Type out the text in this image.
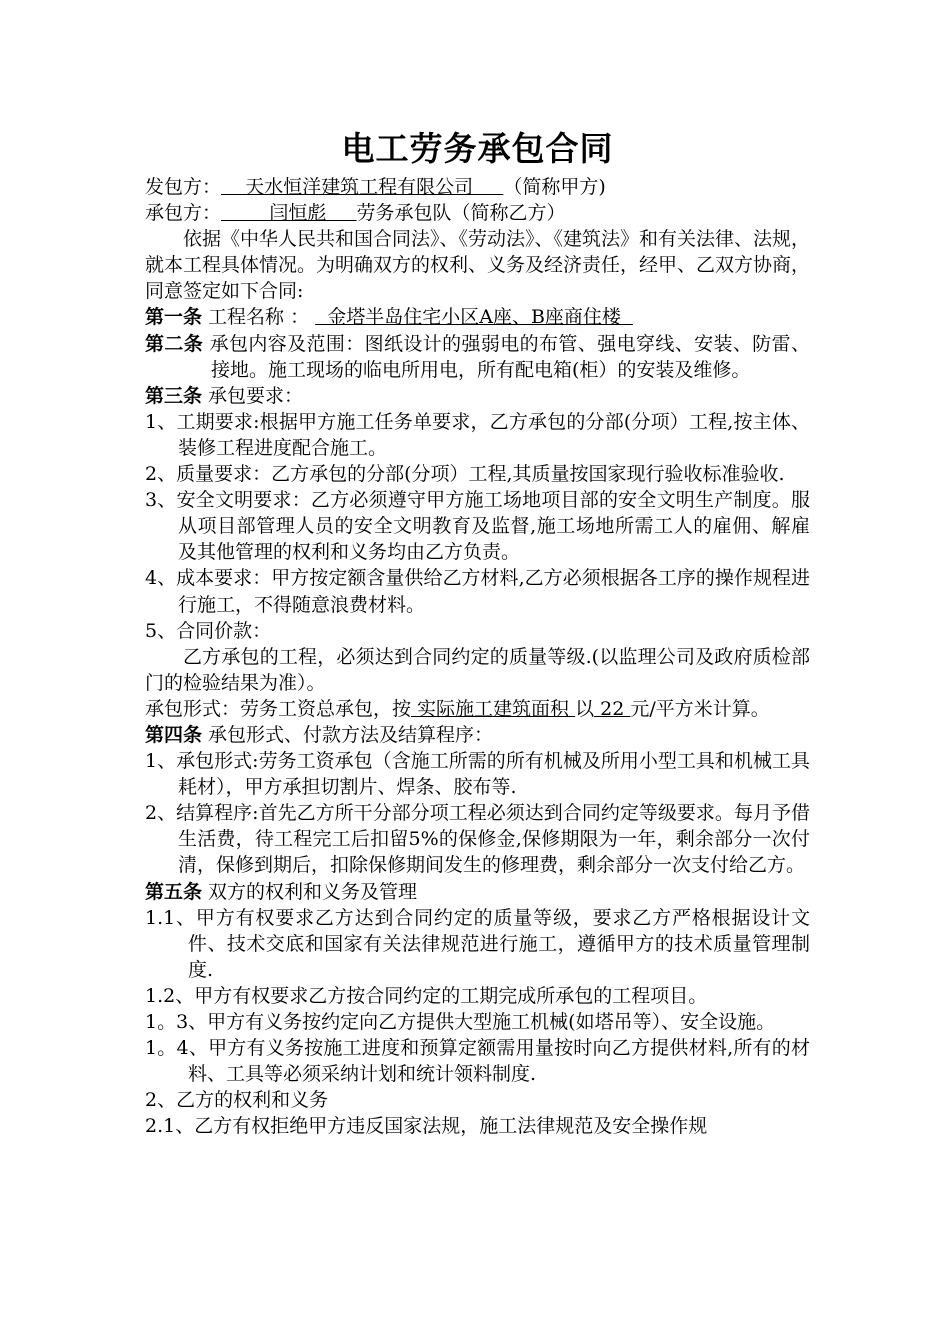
电工劳务承包合同

发包方：    天水恒洋建筑工程有限公司     （简称甲方)

承包方：        闫恒彪     劳务承包队（简称乙方）

依据《中华人民共和国合同法》、《劳动法》、《建筑法》和有关法律、法规，就本工程具体情况。为明确双方的权利、义务及经济责任，经甲、乙双方协商，同意签定如下合同:

第一条 工程名称 ：   金塔半岛住宅小区A座、B座商住楼

第二条 承包内容及范围：图纸设计的强弱电的布管、强电穿线、安装、防雷、接地。施工现场的临电所用电，所有配电箱(柜）的安装及维修。

第三条 承包要求：

1、工期要求:根据甲方施工任务单要求，乙方承包的分部(分项）工程,按主体、装修工程进度配合施工。

2、质量要求：乙方承包的分部(分项）工程,其质量按国家现行验收标准验收.

3、安全文明要求：乙方必须遵守甲方施工场地项目部的安全文明生产制度。服从项目部管理人员的安全文明教育及监督,施工场地所需工人的雇佣、解雇及其他管理的权利和义务均由乙方负责。

4、成本要求：甲方按定额含量供给乙方材料,乙方必须根据各工序的操作规程进行施工，不得随意浪费材料。

5、合同价款：

乙方承包的工程，必须达到合同约定的质量等级.(以监理公司及政府质检部门的检验结果为准）。

承包形式：劳务工资总承包，按 实际施工建筑面积 以 22 元/平方米计算。

第四条 承包形式、付款方法及结算程序：

1、承包形式:劳务工资承包（含施工所需的所有机械及所用小型工具和机械工具耗材），甲方承担切割片、焊条、胶布等.

2、结算程序:首先乙方所干分部分项工程必须达到合同约定等级要求。每月予借生活费，待工程完工后扣留5%的保修金,保修期限为一年，剩余部分一次付清，保修到期后，扣除保修期间发生的修理费，剩余部分一次支付给乙方。

第五条 双方的权利和义务及管理

1.1、甲方有权要求乙方达到合同约定的质量等级，要求乙方严格根据设计文件、技术交底和国家有关法律规范进行施工，遵循甲方的技术质量管理制度.

1.2、甲方有权要求乙方按合同约定的工期完成所承包的工程项目。

1。3、甲方有义务按约定向乙方提供大型施工机械(如塔吊等）、安全设施。

1。4、甲方有义务按施工进度和预算定额需用量按时向乙方提供材料,所有的材料、工具等必须采纳计划和统计领料制度.

2、乙方的权利和义务

2.1、乙方有权拒绝甲方违反国家法规，施工法律规范及安全操作规
